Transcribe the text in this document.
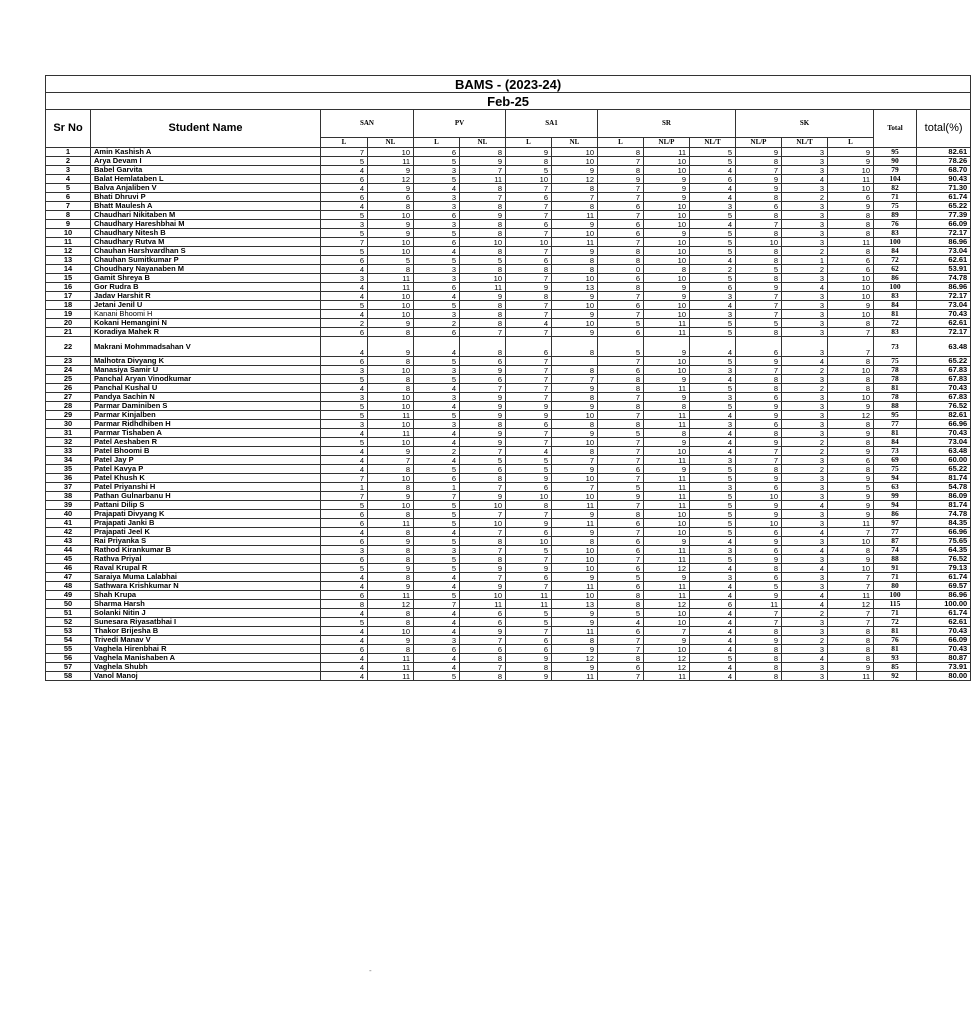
BAMS - (2023-24)															
Feb-25															
Sr No	Student Name	SAN		PV		SA1		SR			SK			Total	total(%)
		L	NL	L	NL	L	NL	L	NL/P	NL/T	NL/P	NL/T	L		
1	Amin Kashish A	7	10	6	8	9	10	8	11	5	9	3	9	95	82.61
2	Arya Devam I	5	11	5	9	8	10	7	10	5	8	3	9	90	78.26
3	Babel Garvita	4	9	3	7	5	9	8	10	4	7	3	10	79	68.70
4	Balat Hemlataben L	6	12	5	11	10	12	9	9	6	9	4	11	104	90.43
5	Balva Anjaliben V	4	9	4	8	7	8	7	9	4	9	3	10	82	71.30
6	Bhati Dhruvi P	6	6	3	7	6	7	7	9	4	8	2	6	71	61.74
7	Bhatt Maulesh A	4	8	3	8	7	8	6	10	3	6	3	9	75	65.22
8	Chaudhari Nikitaben M	5	10	6	9	7	11	7	10	5	8	3	8	89	77.39
9	Chaudhary Hareshbhai M	3	9	3	8	6	9	6	10	4	7	3	8	76	66.09
10	Chaudhary Nitesh B	5	9	5	8	7	10	6	9	5	8	3	8	83	72.17
11	Chaudhary Rutva M	7	10	6	10	10	11	7	10	5	10	3	11	100	86.96
12	Chauhan Harshvardhan S	5	10	4	8	7	9	8	10	5	8	2	8	84	73.04
13	Chauhan Sumitkumar P	6	5	5	5	6	8	8	10	4	8	1	6	72	62.61
14	Choudhary Nayanaben M	4	8	3	8	8	8	0	8	2	5	2	6	62	53.91
15	Gamit Shreya B	3	11	3	10	7	10	6	10	5	8	3	10	86	74.78
16	Gor Rudra B	4	11	6	11	9	13	8	9	6	9	4	10	100	86.96
17	Jadav Harshit R	4	10	4	9	8	9	7	9	3	7	3	10	83	72.17
18	Jetani Jenil U	5	10	5	8	7	10	6	10	4	7	3	9	84	73.04
19	Kanani Bhoomi H	4	10	3	8	7	9	7	10	3	7	3	10	81	70.43
20	Kokani Hemangini N	2	9	2	8	4	10	5	11	5	5	3	8	72	62.61
21	Koradiya Mahek R	6	8	6	7	7	9	6	11	5	8	3	7	83	72.17
22	Makrani Mohmmadsahan V	4	9	4	8	6	8	5	9	4	6	3	7	73	63.48
23	Malhotra Divyang K	6	8	5	6	7		7	10	5	9	4	8	75	65.22
24	Manasiya Samir U	3	10	3	9	7	8	6	10	3	7	2	10	78	67.83
25	Panchal Aryan Vinodkumar	5	8	5	6	7	7	8	9	4	8	3	8	78	67.83
26	Panchal Kushal U	4	8	4	7	7	9	8	11	5	8	2	8	81	70.43
27	Pandya Sachin N	3	10	3	9	7	8	7	9	3	6	3	10	78	67.83
28	Parmar Daminiben S	5	10	4	9	9	9	8	8	5	9	3	9	88	76.52
29	Parmar Kinjalben	5	11	5	9	9	10	7	11	4	9	3	12	95	82.61
30	Parmar Ridhdhiben H	3	10	3	8	6	8	8	11	3	6	3	8	77	66.96
31	Parmar Tishaben A	4	11	4	9	7	9	5	8	4	8	3	9	81	70.43
32	Patel Aeshaben R	5	10	4	9	7	10	7	9	4	9	2	8	84	73.04
33	Patel Bhoomi B	4	9	2	7	4	8	7	10	4	7	2	9	73	63.48
34	Patel Jay P	4	7	4	5	5	7	7	11	3	7	3	6	69	60.00
35	Patel Kavya P	4	8	5	6	5	9	6	9	5	8	2	8	75	65.22
36	Patel Khush K	7	10	6	8	9	10	7	11	5	9	3	9	94	81.74
37	Patel Priyanshi H	1	8	1	7	6	7	5	11	3	6	3	5	63	54.78
38	Pathan Gulnarbanu H	7	9	7	9	10	10	9	11	5	10	3	9	99	86.09
39	Pattani Dilip S	5	10	5	10	8	11	7	11	5	9	4	9	94	81.74
40	Prajapati Divyang K	6	8	5	7	7	9	8	10	5	9	3	9	86	74.78
41	Prajapati Janki B	6	11	5	10	9	11	6	10	5	10	3	11	97	84.35
42	Prajapati Jeel K	4	8	4	7	6	9	7	10	5	6	4	7	77	66.96
43	Rai Priyanka S	6	9	5	8	10	8	6	9	4	9	3	10	87	75.65
44	Rathod Kirankumar B	3	8	3	7	5	10	6	11	3	6	4	8	74	64.35
45	Rathva Priyal	6	8	5	8	7	10	7	11	5	9	3	9	88	76.52
46	Raval Krupal R	5	9	5	9	9	10	6	12	4	8	4	10	91	79.13
47	Saraiya Muma Lalabhai	4	8	4	7	6	9	5	9	3	6	3	7	71	61.74
48	Sathwara Krishkumar N	4	9	4	9	7	11	6	11	4	5	3	7	80	69.57
49	Shah Krupa	6	11	5	10	11	10	8	11	4	9	4	11	100	86.96
50	Sharma Harsh	8	12	7	11	11	13	8	12	6	11	4	12	115	100.00
51	Solanki Nitin J	4	8	4	6	5	9	5	10	4	7	2	7	71	61.74
52	Sunesara Riyasatbhai I	5	8	4	6	5	9	4	10	4	7	3	7	72	62.61
53	Thakor Brijesha B	4	10	4	9	7	11	6	7	4	8	3	8	81	70.43
54	Trivedi Manav V	4	9	3	7	6	8	7	9	4	9	2	8	76	66.09
55	Vaghela Hirenbhai R	6	8	6	6	6	9	7	10	4	8	3	8	81	70.43
56	Vaghela Manishaben A	4	11	4	8	9	12	8	12	5	8	4	8	93	80.87
57	Vaghela Shubh	4	11	4	7	8	9	6	12	4	8	3	9	85	73.91
58	Vanol Manoj	4	11	5	8	9	11	7	11	4	8	3	11	92	80.00
-
